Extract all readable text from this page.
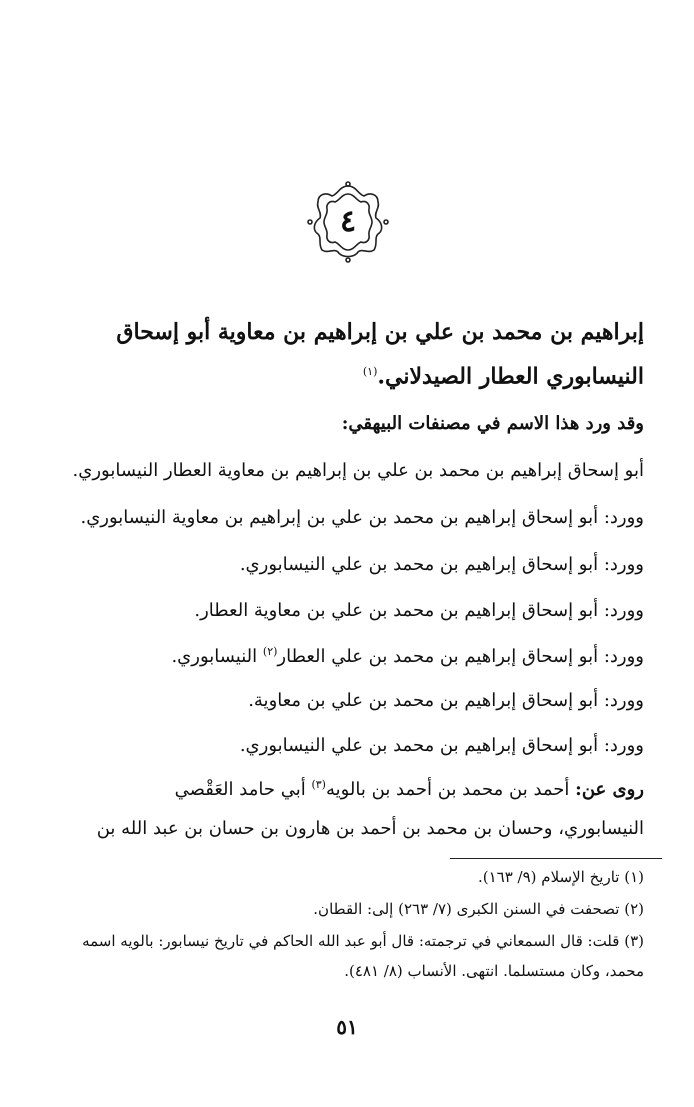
٤
إبراهيم بن محمد بن علي بن إبراهيم بن معاوية أبو إسحاق
النيسابوري العطار الصيدلاني.$^{(١)}$
وقد ورد هذا الاسم في مصنفات البيهقي:
أبو إسحاق إبراهيم بن محمد بن علي بن إبراهيم بن معاوية العطار النيسابوري.
وورد: أبو إسحاق إبراهيم بن محمد بن علي بن إبراهيم بن معاوية النيسابوري.
وورد: أبو إسحاق إبراهيم بن محمد بن علي النيسابوري.
وورد: أبو إسحاق إبراهيم بن محمد بن علي بن معاوية العطار.
وورد: أبو إسحاق إبراهيم بن محمد بن علي العطار$^{(٢)}$ النيسابوري.
وورد: أبو إسحاق إبراهيم بن محمد بن علي بن معاوية.
وورد: أبو إسحاق إبراهيم بن محمد بن علي النيسابوري.
روى عن: أحمد بن محمد بن أحمد بن بالويه$^{(٣)}$ أبي حامد العَقْصي
النيسابوري، وحسان بن محمد بن أحمد بن هارون بن حسان بن عبد الله بن
(١) تاريخ الإسلام (٩/ ١٦٣).
(٢) تصحفت في السنن الكبرى (٧/ ٢٦٣) إلى: القطان.
(٣) قلت: قال السمعاني في ترجمته: قال أبو عبد الله الحاكم في تاريخ نيسابور: بالويه اسمه
محمد، وكان مستسلما. انتهى. الأنساب (٨/ ٤٨١).
٥١
